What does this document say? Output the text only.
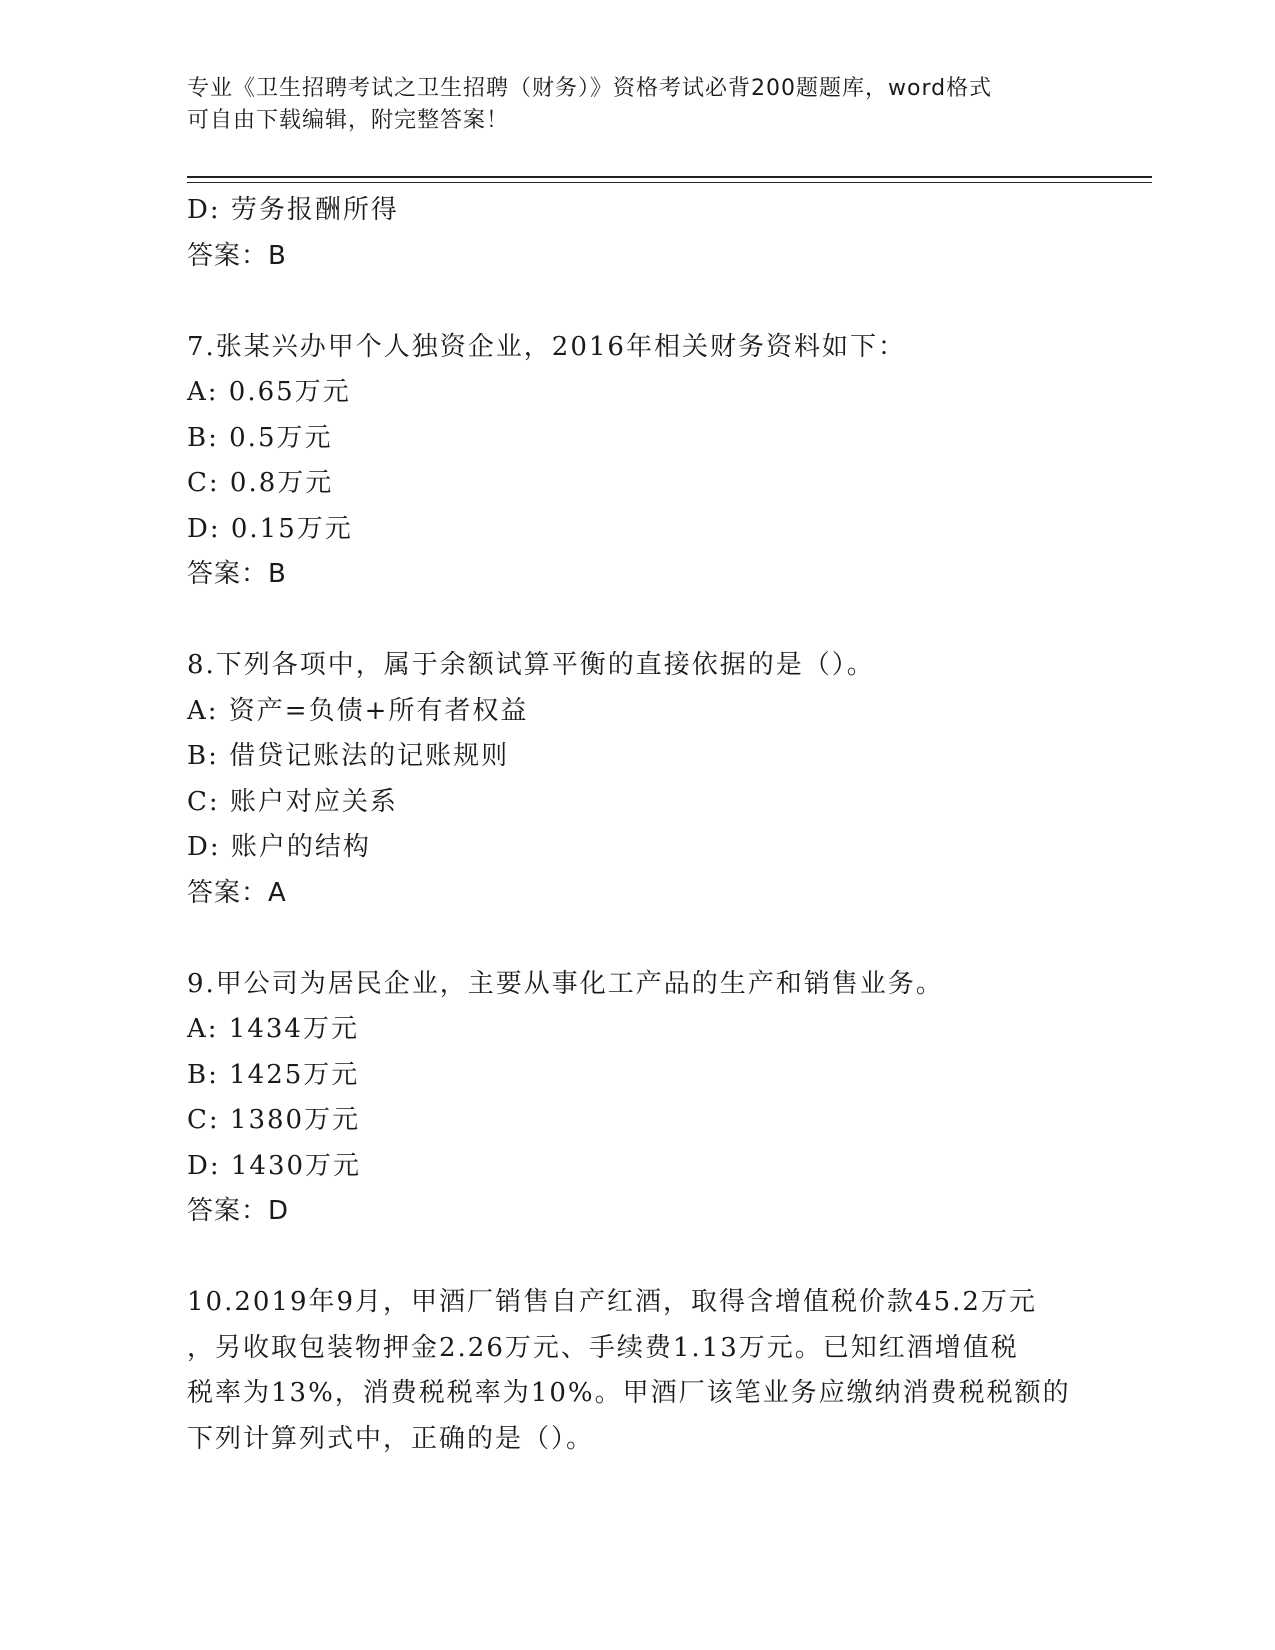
专业《卫生招聘考试之卫生招聘（财务）》资格考试必背200题题库，word格式
可自由下载编辑，附完整答案！
D: 劳务报酬所得
答案：B
7.张某兴办甲个人独资企业，2016年相关财务资料如下：
A: 0.65万元
B: 0.5万元
C: 0.8万元
D: 0.15万元
答案：B
8.下列各项中，属于余额试算平衡的直接依据的是（）。
A: 资产=负债+所有者权益
B: 借贷记账法的记账规则
C: 账户对应关系
D: 账户的结构
答案：A
9.甲公司为居民企业，主要从事化工产品的生产和销售业务。
A: 1434万元
B: 1425万元
C: 1380万元
D: 1430万元
答案：D
10.2019年9月，甲酒厂销售自产红酒，取得含增值税价款45.2万元
，另收取包装物押金2.26万元、手续费1.13万元。已知红酒增值税
税率为13%，消费税税率为10%。甲酒厂该笔业务应缴纳消费税税额的
下列计算列式中，正确的是（）。
